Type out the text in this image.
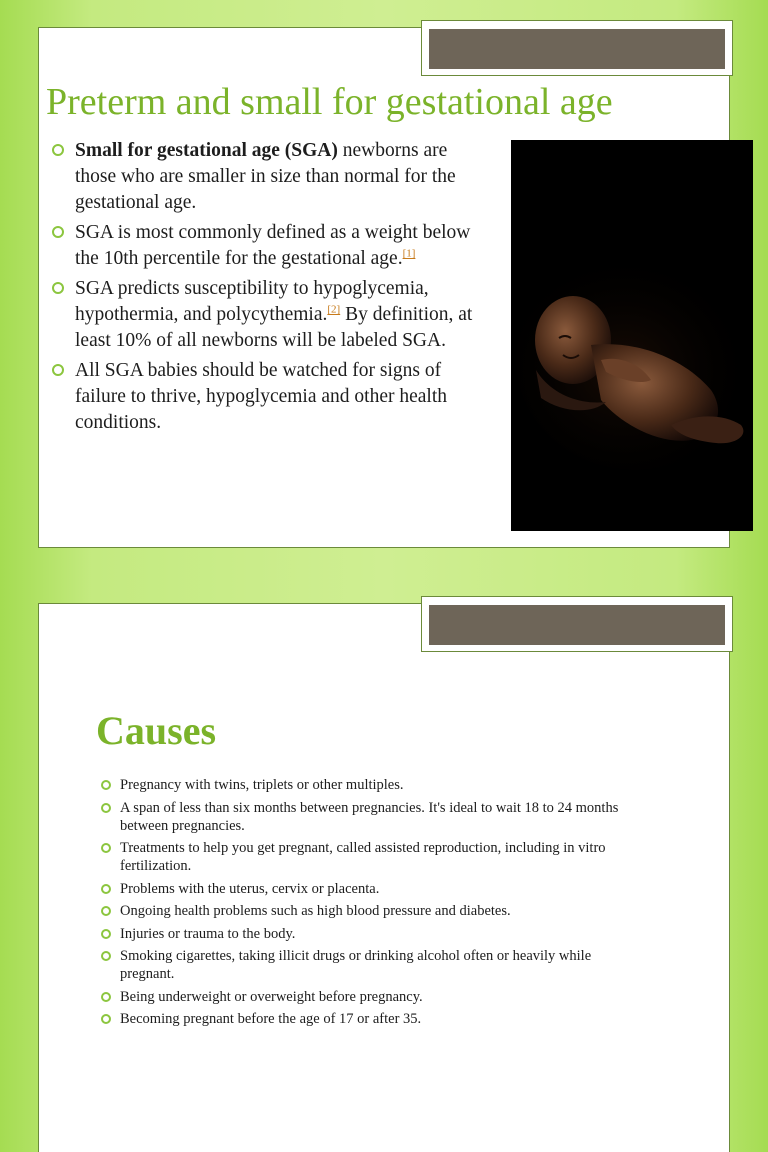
Preterm and small for gestational age
Small for gestational age (SGA) newborns are those who are smaller in size than normal for the gestational age.
SGA is most commonly defined as a weight below the 10th percentile for the gestational age.[1]
SGA predicts susceptibility to hypoglycemia, hypothermia, and polycythemia.[2] By definition, at least 10% of all newborns will be labeled SGA.
All SGA babies should be watched for signs of failure to thrive, hypoglycemia and other health conditions.
Causes
Pregnancy with twins, triplets or other multiples.
A span of less than six months between pregnancies. It's ideal to wait 18 to 24 months between pregnancies.
Treatments to help you get pregnant, called assisted reproduction, including in vitro fertilization.
Problems with the uterus, cervix or placenta.
Ongoing health problems such as high blood pressure and diabetes.
Injuries or trauma to the body.
Smoking cigarettes, taking illicit drugs or drinking alcohol often or heavily while pregnant.
Being underweight or overweight before pregnancy.
Becoming pregnant before the age of 17 or after 35.
